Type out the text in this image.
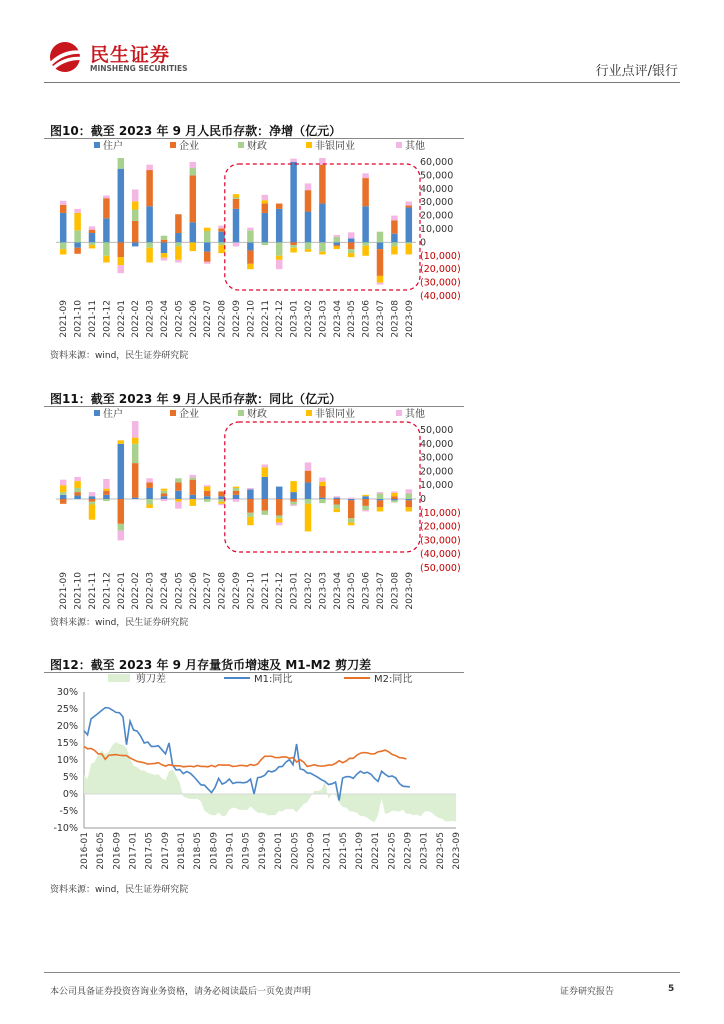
民生证券
MINSHENG SECURITIES	行业点评/银行
图10：截至 2023 年 9 月人民币存款：净增（亿元）
住户	企业	财政	非银同业	其他
2021-09 2021-10 2021-11 2021-12 2022-01 2022-02 2022-03 2022-04 2022-05 2022-06 2022-07 2022-08 2022-09 2022-10 2022-11 2022-12 2023-01 2023-02 2023-03 2023-04 2023-05 2023-06 2023-07 2023-08 2023-09
60,000
50,000
40,000
30,000
20,000
10,000
0
(10,000)
(20,000)
(30,000)
(40,000)
资料来源：wind，民生证券研究院
图11：截至 2023 年 9 月人民币存款：同比（亿元）
住户	企业	财政	非银同业	其他
2021-09 2021-10 2021-11 2021-12 2022-01 2022-02 2022-03 2022-04 2022-05 2022-06 2022-07 2022-08 2022-09 2022-10 2022-11 2022-12 2023-01 2023-02 2023-03 2023-04 2023-05 2023-06 2023-07 2023-08 2023-09
50,000
40,000
30,000
20,000
10,000
0
(10,000)
(20,000)
(30,000)
(40,000)
(50,000)
资料来源：wind，民生证券研究院
图12：截至 2023 年 9 月存量货币增速及 M1-M2 剪刀差
剪刀差	M1:同比	M2:同比
30%
25%
20%
15%
10%
5%
0%
-5%
-10%
2016-01 2016-05 2016-09 2017-01 2017-05 2017-09 2018-01 2018-05 2018-09 2019-01 2019-05 2019-09 2020-01 2020-05 2020-09 2021-01 2021-05 2021-09 2022-01 2022-05 2022-09 2023-01 2023-05 2023-09
资料来源：wind，民生证券研究院
本公司具备证券投资咨询业务资格，请务必阅读最后一页免责声明	证券研究报告	5
